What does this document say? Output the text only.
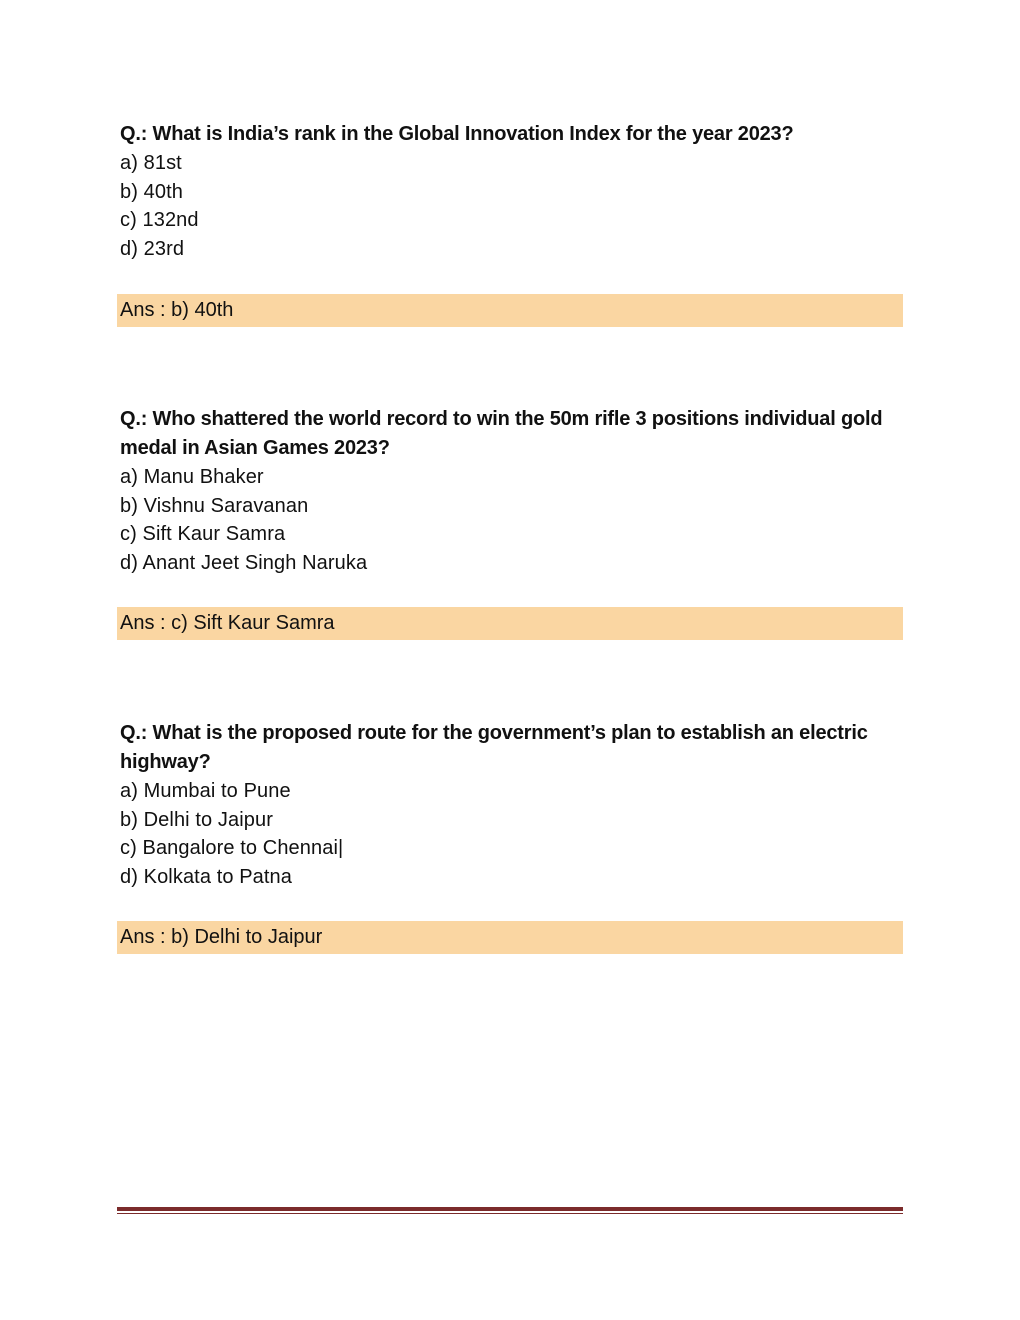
Q.: What is India’s rank in the Global Innovation Index for the year 2023?

a) 81st

b) 40th

c) 132nd

d) 23rd

Ans : b) 40th

Q.: Who shattered the world record to win the 50m rifle 3 positions individual gold medal in Asian Games 2023?

a) Manu Bhaker

b) Vishnu Saravanan

c) Sift Kaur Samra

d) Anant Jeet Singh Naruka

Ans : c) Sift Kaur Samra

Q.: What is the proposed route for the government’s plan to establish an electric highway?

a) Mumbai to Pune

b) Delhi to Jaipur

c) Bangalore to Chennai|

d) Kolkata to Patna

Ans : b) Delhi to Jaipur
